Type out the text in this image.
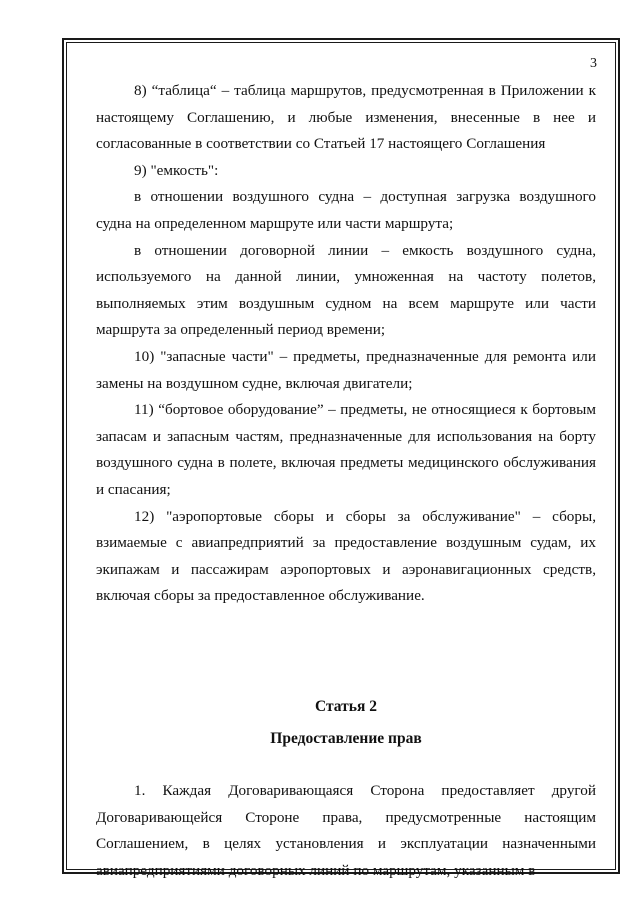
3

8) “таблица“ – таблица маршрутов, предусмотренная в Приложении к настоящему Соглашению, и любые изменения, внесенные в нее и согласованные в соответствии со Статьей 17 настоящего Соглашения

9) "емкость":

в отношении воздушного судна – доступная загрузка воздушного судна на определенном маршруте или части маршрута;

в отношении договорной линии – емкость воздушного судна, используемого на данной линии, умноженная на частоту полетов, выполняемых этим воздушным судном на всем маршруте или части маршрута за определенный период времени;

10) "запасные части" – предметы, предназначенные для ремонта или замены на воздушном судне, включая двигатели;

11) “бортовое оборудование” – предметы, не относящиеся к бортовым запасам и запасным частям, предназначенные для использования на борту воздушного судна в полете, включая предметы медицинского обслуживания и спасания;

12) "аэропортовые сборы и сборы за обслуживание" – сборы, взимаемые с авиапредприятий за предоставление воздушным судам, их экипажам и пассажирам аэропортовых и аэронавигационных средств, включая сборы за предоставленное обслуживание.

Статья 2

Предоставление прав

1. Каждая Договаривающаяся Сторона предоставляет другой Договаривающейся Стороне права, предусмотренные настоящим Соглашением, в целях установления и эксплуатации назначенными авиапредприятиями договорных линий по маршрутам, указанным в
